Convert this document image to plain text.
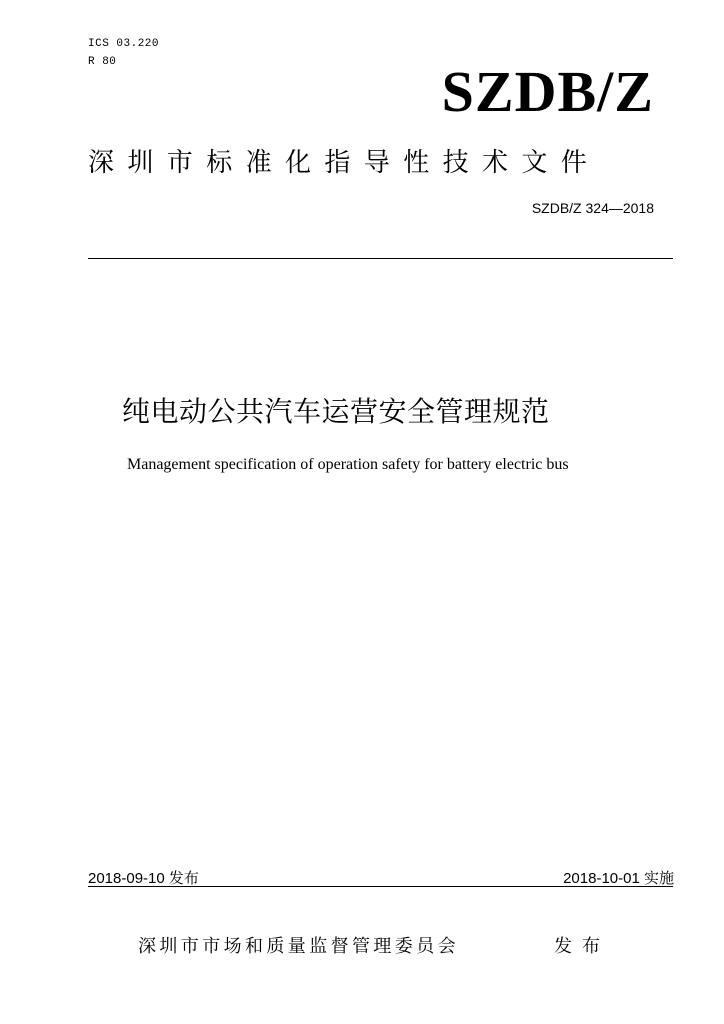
ICS 03.220
R 80	SZDB/Z
深圳市标准化指导性技术文件
SZDB/Z 324—2018
纯电动公共汽车运营安全管理规范
Management specification of operation safety for battery electric bus
2018-09-10 发布	2018-10-01 实施
深圳市市场和质量监督管理委员会	发布
